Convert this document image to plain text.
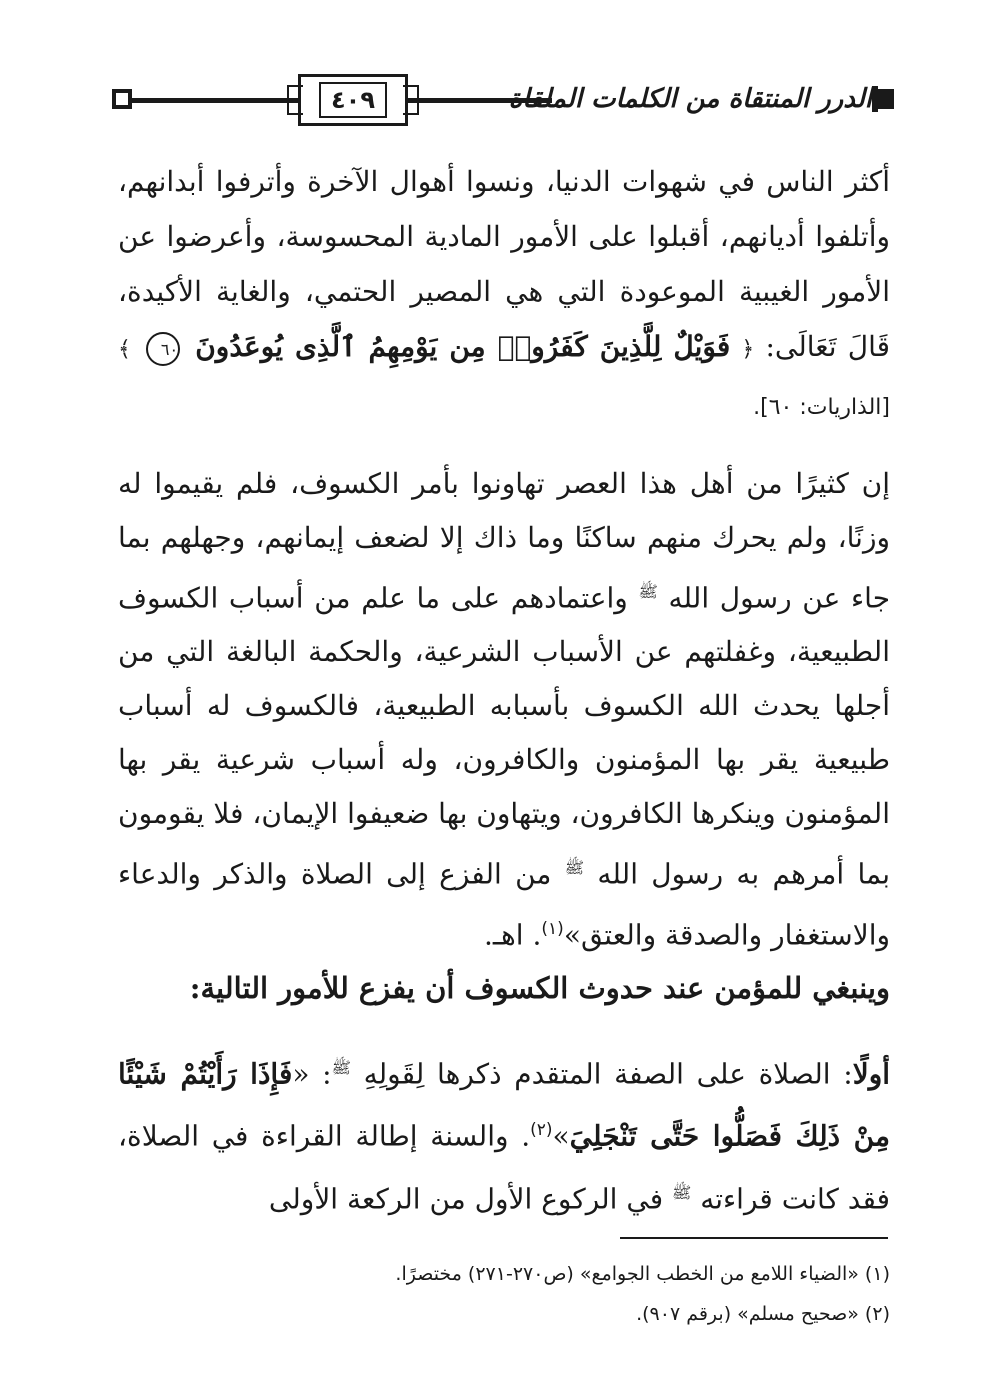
الدرر المنتقاة من الكلمات الملقاة
٤٠٩
أكثر الناس في شهوات الدنيا، ونسوا أهوال الآخرة وأترفوا أبدانهم، وأتلفوا أديانهم، أقبلوا على الأمور المادية المحسوسة، وأعرضوا عن الأمور الغيبية الموعودة التي هي المصير الحتمي، والغاية الأكيدة، قَالَ تَعَالَى: ﴿ فَوَيْلٌ لِلَّذِينَ كَفَرُوا۟ مِن يَوْمِهِمُ ٱلَّذِى يُوعَدُونَ ٦٠ ﴾ [الذاريات: ٦٠].
إن كثيرًا من أهل هذا العصر تهاونوا بأمر الكسوف، فلم يقيموا له وزنًا، ولم يحرك منهم ساكنًا وما ذاك إلا لضعف إيمانهم، وجهلهم بما جاء عن رسول الله $^ﷺ$ واعتمادهم على ما علم من أسباب الكسوف الطبيعية، وغفلتهم عن الأسباب الشرعية، والحكمة البالغة التي من أجلها يحدث الله الكسوف بأسبابه الطبيعية، فالكسوف له أسباب طبيعية يقر بها المؤمنون والكافرون، وله أسباب شرعية يقر بها المؤمنون وينكرها الكافرون، ويتهاون بها ضعيفوا الإيمان، فلا يقومون بما أمرهم به رسول الله $^ﷺ$ من الفزع إلى الصلاة والذكر والدعاء والاستغفار والصدقة والعتق»$^{(١)}$. اهـ.
وينبغي للمؤمن عند حدوث الكسوف أن يفزع للأمور التالية:
أولًا: الصلاة على الصفة المتقدم ذكرها لِقَولِهِ $^ﷺ$: «فَإِذَا رَأَيْتُمْ شَيْئًا مِنْ ذَلِكَ فَصَلُّوا حَتَّى تَنْجَلِيَ»$^{(٢)}$. والسنة إطالة القراءة في الصلاة، فقد كانت قراءته $^ﷺ$ في الركوع الأول من الركعة الأولى
(١) «الضياء اللامع من الخطب الجوامع» (ص٢٧٠-٢٧١) مختصرًا.
(٢) «صحيح مسلم» (برقم ٩٠٧).
